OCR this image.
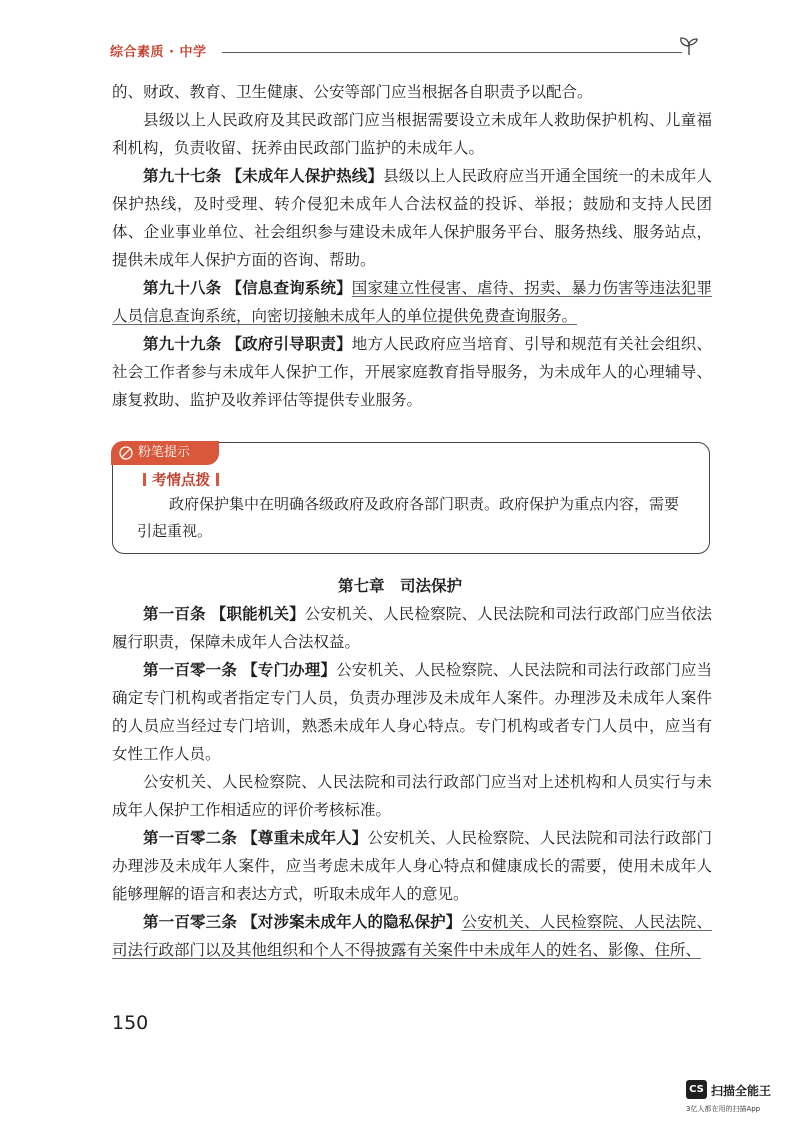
综合素质 · 中学

的、财政、教育、卫生健康、公安等部门应当根据各自职责予以配合。

县级以上人民政府及其民政部门应当根据需要设立未成年人救助保护机构、儿童福利机构，负责收留、抚养由民政部门监护的未成年人。

第九十七条 【未成年人保护热线】县级以上人民政府应当开通全国统一的未成年人保护热线，及时受理、转介侵犯未成年人合法权益的投诉、举报；鼓励和支持人民团体、企业事业单位、社会组织参与建设未成年人保护服务平台、服务热线、服务站点，提供未成年人保护方面的咨询、帮助。

第九十八条 【信息查询系统】国家建立性侵害、虐待、拐卖、暴力伤害等违法犯罪人员信息查询系统，向密切接触未成年人的单位提供免费查询服务。

第九十九条 【政府引导职责】地方人民政府应当培育、引导和规范有关社会组织、社会工作者参与未成年人保护工作，开展家庭教育指导服务，为未成年人的心理辅导、康复救助、监护及收养评估等提供专业服务。

粉笔提示
考情点拨

政府保护集中在明确各级政府及政府各部门职责。政府保护为重点内容，需要引起重视。

第七章　司法保护

第一百条 【职能机关】公安机关、人民检察院、人民法院和司法行政部门应当依法履行职责，保障未成年人合法权益。

第一百零一条 【专门办理】公安机关、人民检察院、人民法院和司法行政部门应当确定专门机构或者指定专门人员，负责办理涉及未成年人案件。办理涉及未成年人案件的人员应当经过专门培训，熟悉未成年人身心特点。专门机构或者专门人员中，应当有女性工作人员。

公安机关、人民检察院、人民法院和司法行政部门应当对上述机构和人员实行与未成年人保护工作相适应的评价考核标准。

第一百零二条 【尊重未成年人】公安机关、人民检察院、人民法院和司法行政部门办理涉及未成年人案件，应当考虑未成年人身心特点和健康成长的需要，使用未成年人能够理解的语言和表达方式，听取未成年人的意见。

第一百零三条 【对涉案未成年人的隐私保护】公安机关、人民检察院、人民法院、司法行政部门以及其他组织和个人不得披露有关案件中未成年人的姓名、影像、住所、

150
CS 扫描全能王
3亿人都在用的扫描App
